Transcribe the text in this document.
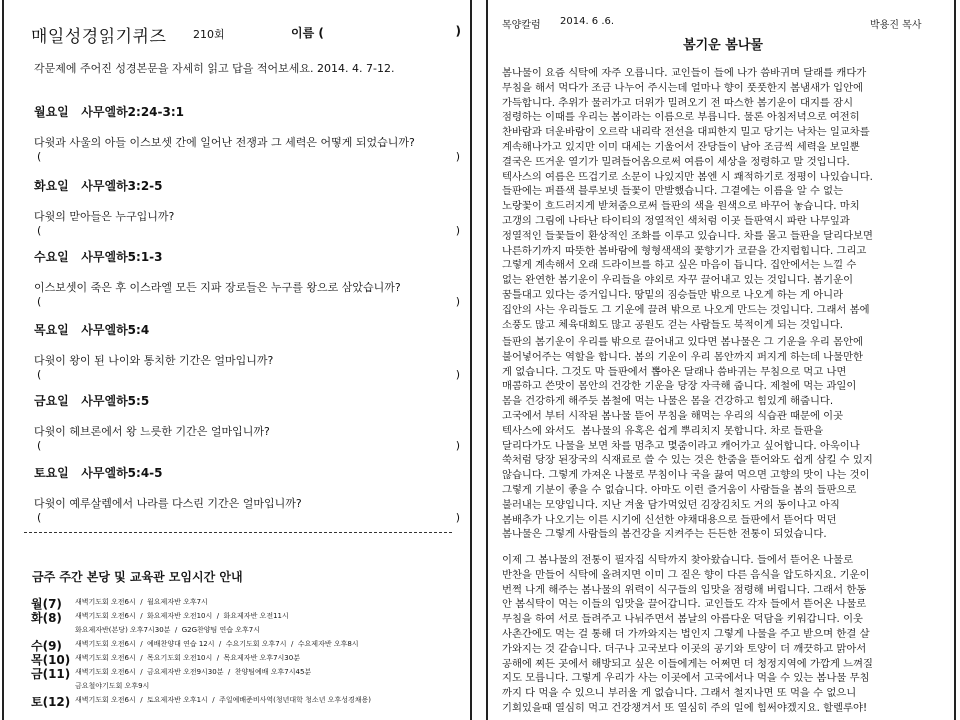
매일성경읽기퀴즈 210회	이름 (	)
각문제에 주어진 성경본문을 자세히 읽고 답을 적어보세요. 2014. 4. 7-12.
월요일   사무엘하2:24-3:1
다윗과 사울의 아들 이스보셋 간에 일어난 전쟁과 그 세력은 어떻게 되었습니까?
(	)
화요일   사무엘하3:2-5
다윗의 맏아들은 누구입니까?
(	)
수요일   사무엘하5:1-3
이스보셋이 죽은 후 이스라엘 모든 지파 장로들은 누구를 왕으로 삼았습니까?
(	)
목요일   사무엘하5:4
다윗이 왕이 된 나이와 통치한 기간은 얼마입니까?
(	)
금요일   사무엘하5:5
다윗이 헤브론에서 왕 느릇한 기간은 얼마입니까?
(	)
토요일   사무엘하5:4-5
다윗이 예루살렘에서 나라를 다스린 기간은 얼마입니까?
(	)
금주 주간 본당 및 교육관 모임시간 안내
월(7) 새벽기도회 오전6시  /  월요제자반 오후7시
화(8) 새벽기도회 오전6시  /  화요제자반 오전10시  /  화요제자반 오전11시
화요제자반(본당) 오후7시30분  /  G2G찬양팀 연습 오후7시
수(9) 새벽기도회 오전6시  /  예배찬양대 연습 12시  /  수요기도회 오후7시  /  수요제자반 오후8시
목(10) 새벽기도회 오전6시  /  목요기도회 오전10시  /  목요제자반 오후7시30분
금(11) 새벽기도회 오전6시  /  금요제자반 오전9시30분  /  찬양팀예배 오후7시45분
금요철야기도회 오후9시
토(12) 새벽기도회 오전6시  /  토요제자반 오후1시  /  주일예배준비사역(청년대학 청소년 오후성경채용)
목양칼럼 2014. 6 .6.	박용진 목사
봄기운 봄나물
봄나물이 요즘 식탁에 자주 오릅니다. 교인들이 들에 나가 씀바귀며 달래를 캐다가
무침을 해서 먹다가 조금 나누어 주시는데 얼마나 향이 풋풋한지 봄냄새가 입안에
가득합니다. 추위가 물러가고 더위가 밀려오기 전 따스한 봄기운이 대지를 잠시
점령하는 이때를 우리는 봄이라는 이름으로 부릅니다. 물론 아침저녁으로 여전히
찬바람과 더운바람이 오르락 내리락 전선을 대피한지 밀고 당기는 낙차는 일교차를
계속해나가고 있지만 이미 대세는 기울어서 잔당들이 남아 조금씩 세력을 보일뿐
결국은 뜨거운 열기가 밀려들어옴으로써 여름이 세상을 정령하고 말 것입니다.
텍사스의 여름은 뜨겁기로 소문이 나있지만 봄엔 시 쾌적하기로 정평이 나있습니다.
들판에는 퍼플색 블루보넷 들꽃이 만발했습니다. 그곁에는 이름을 알 수 없는
노랑꽃이 흐드러지게 받쳐줌으로써 들판의 색을 원색으로 바꾸어 놓습니다. 마치
고갱의 그림에 나타난 타이티의 정열적인 색처럼 이곳 들판역시 파란 나무잎과
정열적인 들꽃들이 환상적인 조화를 이루고 있습니다. 차를 몰고 들판을 달리다보면
나른하기까지 따뜻한 봄바람에 형형색색의 꽃향기가 코끝을 간지럽힙니다. 그리고
그렇게 계속해서 오래 드라이브를 하고 싶은 마음이 듭니다. 집안에서는 느낄 수
없는 완연한 봄기운이 우리들을 야외로 자꾸 끌어내고 있는 것입니다. 봄기운이
꿈틀대고 있다는 증거입니다. 땅밑의 짐승들만 밖으로 나오게 하는 게 아니라
집안의 사는 우리들도 그 기운에 끌려 밖으로 나오게 만드는 것입니다. 그래서 봄에
소풍도 많고 체육대회도 많고 공원도 걷는 사람들도 북적이게 되는 것입니다.
들판의 봄기운이 우리를 밖으로 끌어내고 있다면 봄나물은 그 기운을 우리 몸안에
불어넣어주는 역할을 합니다. 봄의 기운이 우리 몸안까지 퍼지게 하는데 나물만한
게 없습니다. 그것도 막 들판에서 뽑아온 달래나 씀바귀는 무침으로 먹고 나면
매콤하고 쓴맛이 몸안의 건강한 기운을 당장 자극해 줍니다. 제철에 먹는 과일이
몸을 건강하게 해주듯 봄철에 먹는 나물은 몸을 건강하고 힘있게 해줍니다.
고국에서 부터 시작된 봄나물 뜯어 무침을 해먹는 우리의 식습관 때문에 이곳
텍사스에 와서도  봄나물의 유혹은 쉽게 뿌리치지 못합니다. 차로 들판을
달리다가도 나물을 보면 차를 멈추고 몇줌이라고 캐어가고 싶어합니다. 아욱이나
쑥처럼 당장 된장국의 식재료로 쓸 수 있는 것은 한줌을 뜯어와도 쉽게 삼킬 수 있지
않습니다. 그렇게 가져온 나물로 무침이나 국을 끓여 먹으면 고향의 맛이 나는 것이
그렇게 기분이 좋을 수 없습니다. 아마도 이런 즐거움이 사람들을 봄의 들판으로
불러내는 모양입니다. 지난 겨울 담가먹었던 김장김치도 거의 동이나고 아직
봄배추가 나오기는 이른 시기에 신선한 야채대용으로 들판에서 뜯어다 먹던
봄나물은 그렇게 사람들의 봄건강을 지켜주는 든든한 전통이 되었습니다.
이제 그 봄나물의 전통이 필자집 식탁까지 찾아왔습니다. 들에서 뜯어온 나물로
반찬을 만들어 식탁에 올려지면 이미 그 짙은 향이 다른 음식을 압도하지요. 기운이
번쩍 나게 해주는 봄나물의 위력이 식구들의 입맛을 점령해 버립니다. 그래서 한동
안 봄식탁이 먹는 이들의 입맛을 끌어갑니다. 교인들도 각자 들에서 뜯어온 나물로
무침을 하여 서로 들려주고 나눠주면서 봄날의 아름다운 덕담을 키워갑니다. 이웃
사촌간에도 먹는 걸 통해 더 가까와지는 법인지 그렇게 나물을 주고 받으며 한결 살
가와지는 것 같습니다. 더구나 고국보다 이곳의 공기와 토양이 더 깨끗하고 맑아서
공해에 찌든 곳에서 해방되고 싶은 이들에게는 어쩌면 더 청정지역에 가깝게 느껴질
지도 모릅니다. 그렇게 우리가 사는 이곳에서 고국에서나 먹을 수 있는 봄나물 무침
까지 다 먹을 수 있으니 부러울 게 없습니다. 그래서 철지나면 또 먹을 수 없으니
기회있을때 열심히 먹고 건강챙겨서 또 열심히 주의 일에 힘써야겠지요. 할렐루야!
